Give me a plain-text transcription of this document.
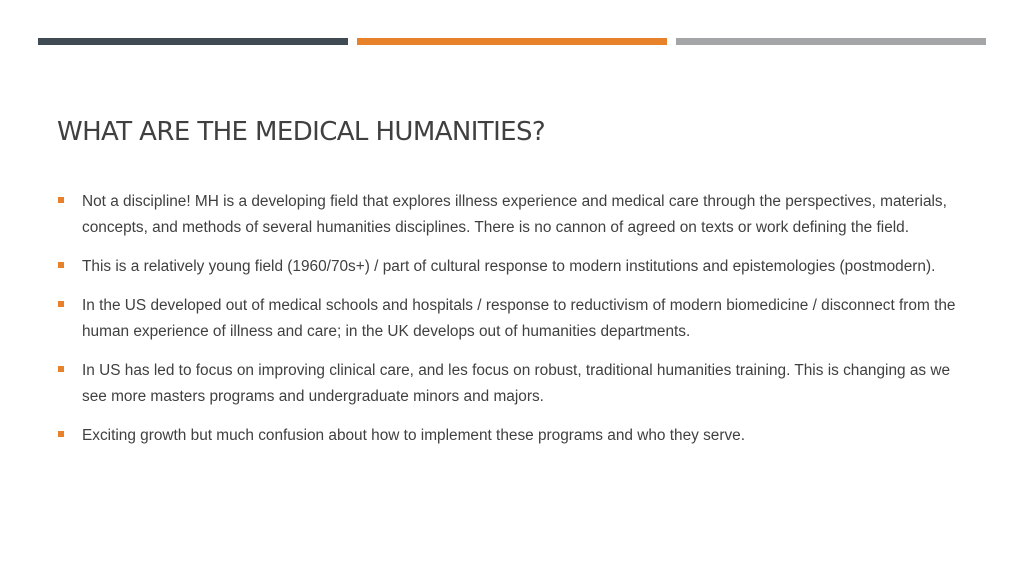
WHAT ARE THE MEDICAL HUMANITIES?
Not a discipline! MH is a developing field that explores illness experience and medical care through the perspectives, materials, concepts, and methods of several humanities disciplines. There is no cannon of agreed on texts or work defining the field.
This is a relatively young field (1960/70s+) / part of cultural response to modern institutions and epistemologies (postmodern).
In the US developed out of medical schools and hospitals / response to reductivism of modern biomedicine / disconnect from the human experience of illness and care; in the UK develops out of humanities departments.
In US has led to focus on improving clinical care, and les focus on robust, traditional humanities training. This is changing as we see more masters programs and undergraduate minors and majors.
Exciting growth but much confusion about how to implement these programs and who they serve.
